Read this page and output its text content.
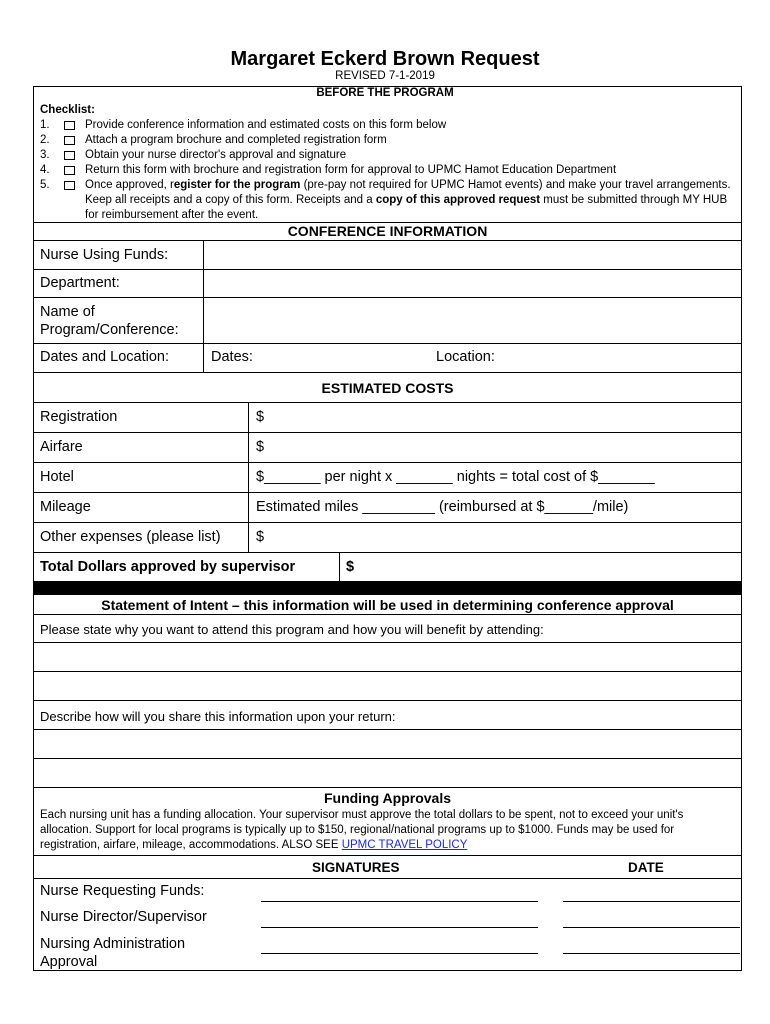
Margaret Eckerd Brown Request
REVISED 7-1-2019
BEFORE THE PROGRAM
Checklist:
1.	Provide conference information and estimated costs on this form below
2.	Attach a program brochure and completed registration form
3.	Obtain your nurse director's approval and signature
4.	Return this form with brochure and registration form for approval to UPMC Hamot Education Department
5.	Once approved, register for the program (pre-pay not required for UPMC Hamot events) and make your travel arrangements. Keep all receipts and a copy of this form. Receipts and a copy of this approved request must be submitted through MY HUB for reimbursement after the event.
CONFERENCE INFORMATION
Nurse Using Funds:
Department:
Name of
Program/Conference:
Dates and Location:	Dates:	Location:
ESTIMATED COSTS
Registration	$
Airfare	$
Hotel	$_______ per night x _______ nights = total cost of $_______
Mileage	Estimated miles _________ (reimbursed at $______/mile)
Other expenses (please list) $
Total Dollars approved by supervisor	$
Statement of Intent – this information will be used in determining conference approval
Please state why you want to attend this program and how you will benefit by attending:
Describe how will you share this information upon your return:
Funding Approvals
Each nursing unit has a funding allocation. Your supervisor must approve the total dollars to be spent, not to exceed your unit's allocation. Support for local programs is typically up to $150, regional/national programs up to $1000. Funds may be used for registration, airfare, mileage, accommodations. ALSO SEE UPMC TRAVEL POLICY
SIGNATURES	DATE
Nurse Requesting Funds:
Nurse Director/Supervisor
Nursing Administration
Approval
